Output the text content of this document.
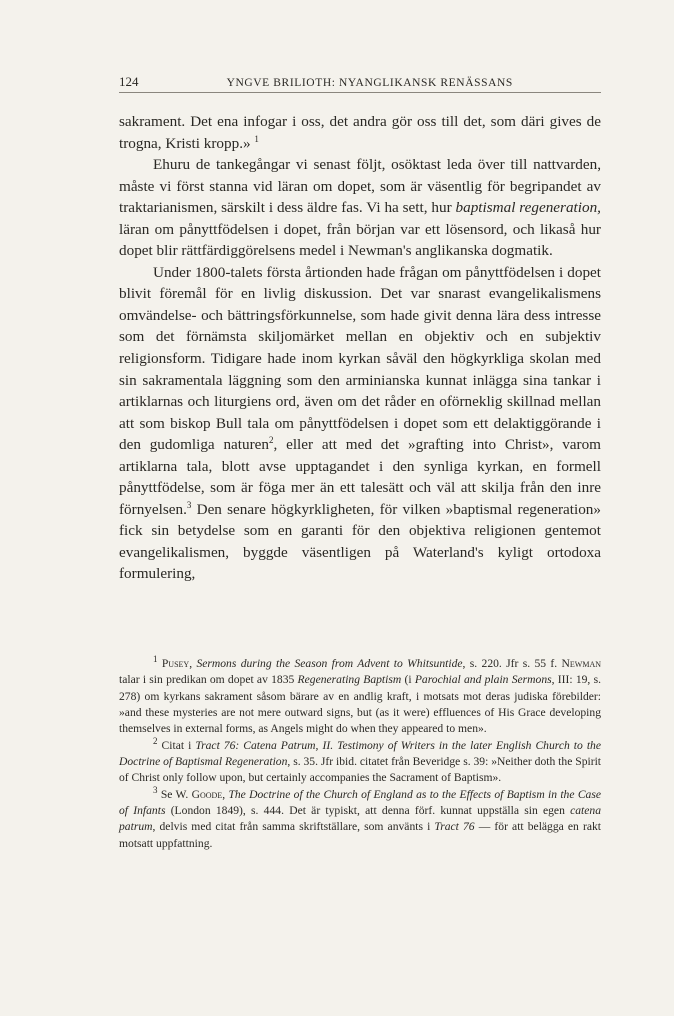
124	YNGVE BRILIOTH: NYANGLIKANSK RENÄSSANS

sakrament. Det ena infogar i oss, det andra gör oss till det, som däri gives de trogna, Kristi kropp.» $^1$

Ehuru de tankegångar vi senast följt, osöktast leda över till nattvarden, måste vi först stanna vid läran om dopet, som är väsentlig för begripandet av traktarianismen, särskilt i dess äldre fas. Vi ha sett, hur baptismal regeneration, läran om pånyttfödelsen i dopet, från början var ett lösensord, och likaså hur dopet blir rättfärdiggörelsens medel i Newman's anglikanska dogmatik.

Under 1800-talets första årtionden hade frågan om pånyttfödelsen i dopet blivit föremål för en livlig diskussion. Det var snarast evangelikalismens omvändelse- och bättringsförkunnelse, som hade givit denna lära dess intresse som det förnämsta skiljomärket mellan en objektiv och en subjektiv religionsform. Tidigare hade inom kyrkan såväl den högkyrkliga skolan med sin sakramentala läggning som den arminianska kunnat inlägga sina tankar i artiklarnas och liturgiens ord, även om det råder en oförneklig skillnad mellan att som biskop Bull tala om pånyttfödelsen i dopet som ett delaktiggörande i den gudomliga naturen$^2$, eller att med det »grafting into Christ», varom artiklarna tala, blott avse upptagandet i den synliga kyrkan, en formell pånyttfödelse, som är föga mer än ett talesätt och väl att skilja från den inre förnyelsen.$^3$ Den senare högkyrkligheten, för vilken »baptismal regeneration» fick sin betydelse som en garanti för den objektiva religionen gentemot evangelikalismen, byggde väsentligen på Waterland's kyligt ortodoxa formulering,

$^1$ Pusey, Sermons during the Season from Advent to Whitsuntide, s. 220. Jfr s. 55 f. Newman talar i sin predikan om dopet av 1835 Regenerating Baptism (i Parochial and plain Sermons, III: 19, s. 278) om kyrkans sakrament såsom bärare av en andlig kraft, i motsats mot deras judiska förebilder: »and these mysteries are not mere outward signs, but (as it were) effluences of His Grace developing themselves in external forms, as Angels might do when they appeared to men».

$^2$ Citat i Tract 76: Catena Patrum, II. Testimony of Writers in the later English Church to the Doctrine of Baptismal Regeneration, s. 35. Jfr ibid. citatet från Beveridge s. 39: »Neither doth the Spirit of Christ only follow upon, but certainly accompanies the Sacrament of Baptism».

$^3$ Se W. Goode, The Doctrine of the Church of England as to the Effects of Baptism in the Case of Infants (London 1849), s. 444. Det är typiskt, att denna förf. kunnat uppställa sin egen catena patrum, delvis med citat från samma skriftställare, som använts i Tract 76 — för att belägga en rakt motsatt uppfattning.
